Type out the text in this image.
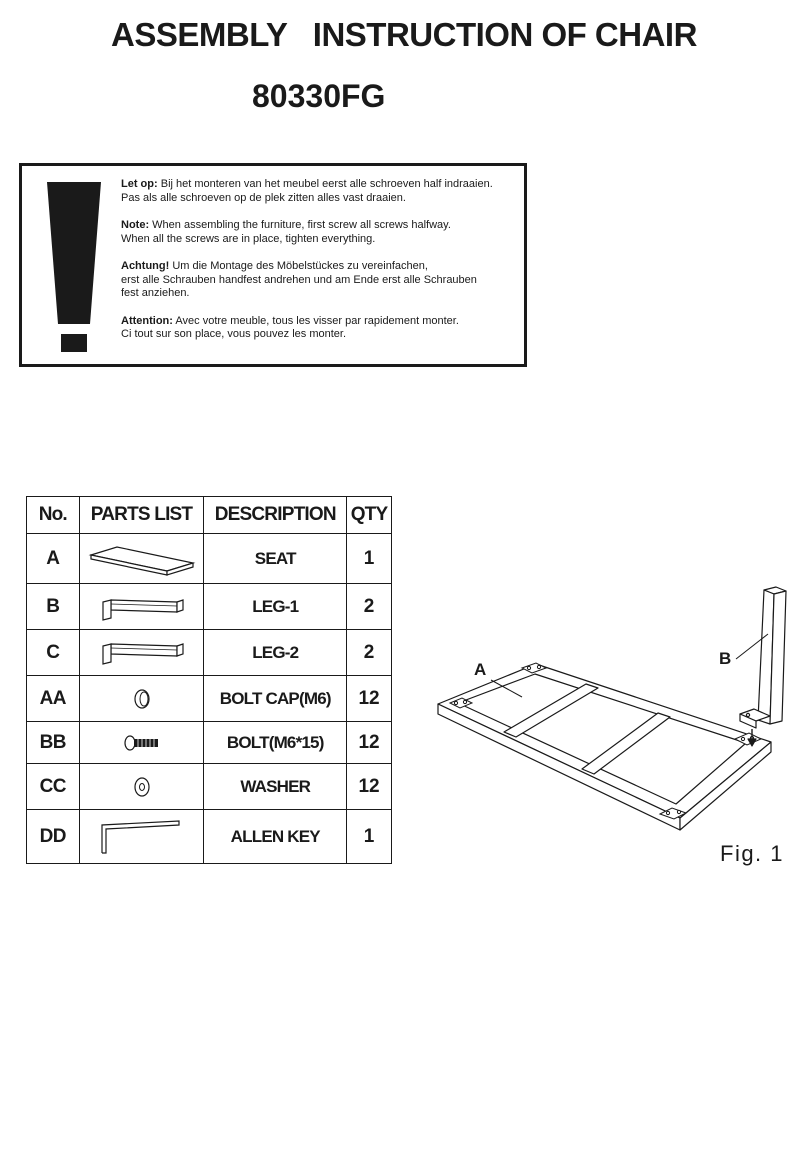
ASSEMBLY   INSTRUCTION OF CHAIR
80330FG
Let op: Bij het monteren van het meubel eerst alle schroeven half indraaien.
Pas als alle schroeven op de plek zitten alles vast draaien.
Note: When assembling the furniture, first screw all screws halfway.
When all the screws are in place, tighten everything.
Achtung! Um die Montage des Möbelstückes zu vereinfachen,
erst alle Schrauben handfest andrehen und am Ende erst alle Schrauben
fest anziehen.
Attention: Avec votre meuble, tous les visser par rapidement monter.
Ci tout sur son place, vous pouvez les monter.
No.	PARTS LIST	DESCRIPTION	QTY
A		SEAT	1
B		LEG-1	2
C		LEG-2	2
AA		BOLT CAP(M6)	12
BB		BOLT(M6*15)	12
CC		WASHER	12
DD		ALLEN KEY	1
A
B
Fig. 1
